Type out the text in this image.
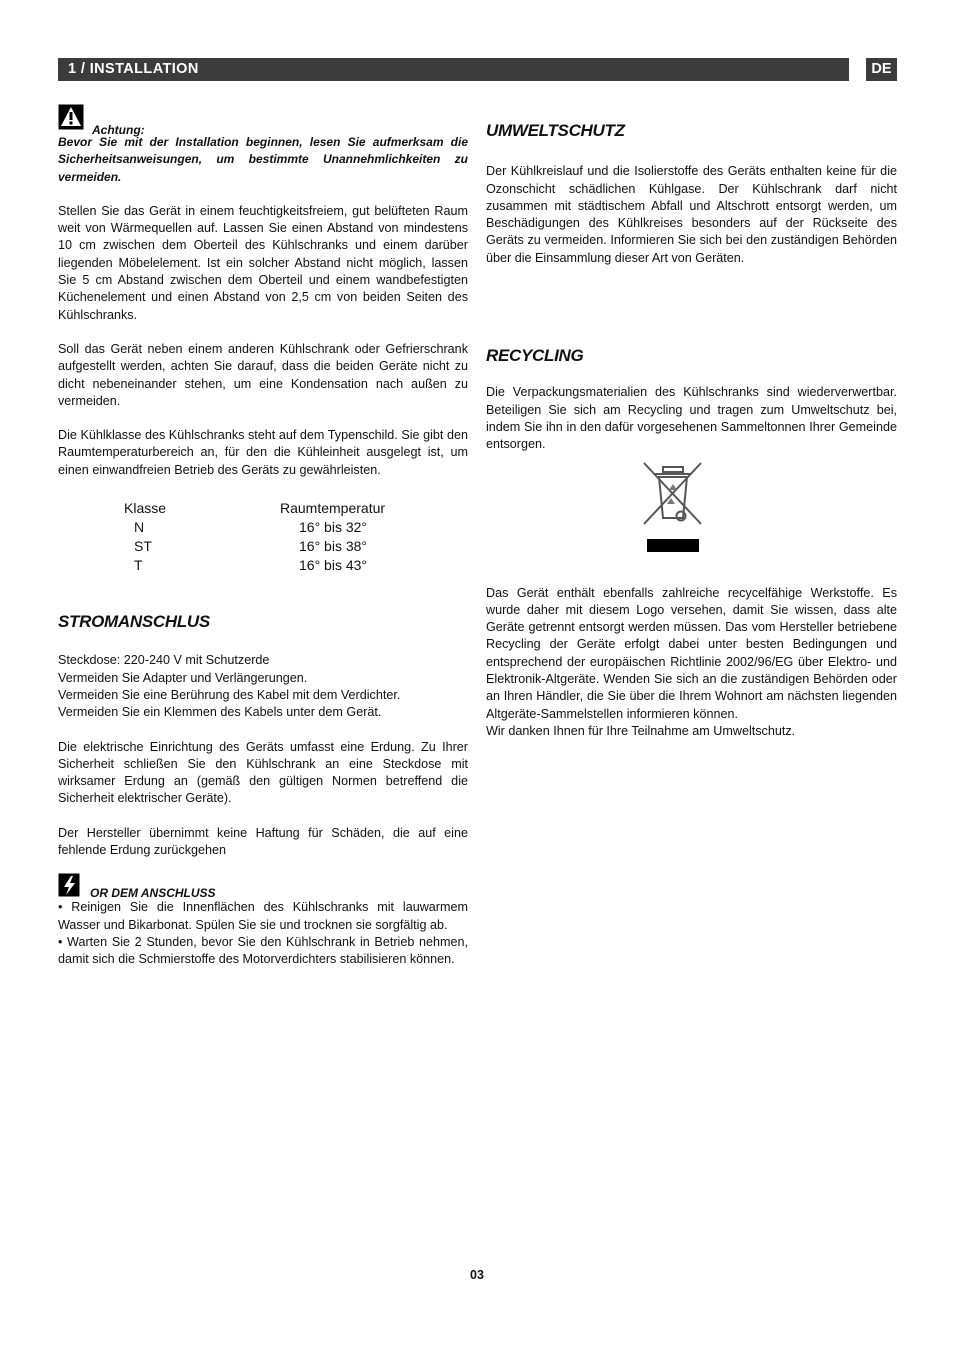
1 / INSTALLATION	DE
Achtung:

Bevor Sie mit der Installation beginnen, lesen Sie aufmerksam die Sicherheitsanweisungen, um bestimmte Unannehmlichkeiten zu vermeiden.

Stellen Sie das Gerät in einem feuchtigkeitsfreiem, gut belüfteten Raum weit von Wärmequellen auf. Lassen Sie einen Abstand von mindestens 10 cm zwischen dem Oberteil des Kühlschranks und einem darüber liegenden Möbelelement. Ist ein solcher Abstand nicht möglich, lassen Sie 5 cm Abstand zwischen dem Oberteil und einem wandbefestigten Küchenelement und einen Abstand von 2,5 cm von beiden Seiten des Kühlschranks.

Soll das Gerät neben einem anderen Kühlschrank oder Gefrierschrank aufgestellt werden, achten Sie darauf, dass die beiden Geräte nicht zu dicht nebeneinander stehen, um eine Kondensation nach außen zu vermeiden.

Die Kühlklasse des Kühlschranks steht auf dem Typenschild. Sie gibt den Raumtemperaturbereich an, für den die Kühleinheit ausgelegt ist, um einen einwandfreien Betrieb des Geräts zu gewährleisten.

Klasse	Raumtemperatur
N	16° bis 32°
ST	16° bis 38°
T	16° bis 43°
STROMANSCHLUS
Steckdose: 220-240 V mit Schutzerde
Vermeiden Sie Adapter und Verlängerungen.
Vermeiden Sie eine Berührung des Kabel mit dem Verdichter.
Vermeiden Sie ein Klemmen des Kabels unter dem Gerät.

Die elektrische Einrichtung des Geräts umfasst eine Erdung. Zu Ihrer Sicherheit schließen Sie den Kühlschrank an eine Steckdose mit wirksamer Erdung an (gemäß den gültigen Normen betreffend die Sicherheit elektrischer Geräte).

Der Hersteller übernimmt keine Haftung für Schäden, die auf eine fehlende Erdung zurückgehen

OR DEM ANSCHLUSS

• Reinigen Sie die Innenflächen des Kühlschranks mit lauwarmem Wasser und Bikarbonat. Spülen Sie sie und trocknen sie sorgfältig ab.

• Warten Sie 2 Stunden, bevor Sie den Kühlschrank in Betrieb nehmen, damit sich die Schmierstoffe des Motorverdichters stabilisieren können.

UMWELTSCHUTZ

Der Kühlkreislauf und die Isolierstoffe des Geräts enthalten keine für die Ozonschicht schädlichen Kühlgase. Der Kühlschrank darf nicht zusammen mit städtischem Abfall und Altschrott entsorgt werden, um Beschädigungen des Kühlkreises besonders auf der Rückseite des Geräts zu vermeiden. Informieren Sie sich bei den zuständigen Behörden über die Einsammlung dieser Art von Geräten.

RECYCLING

Die Verpackungsmaterialien des Kühlschranks sind wiederverwertbar. Beteiligen Sie sich am Recycling und tragen zum Umweltschutz bei, indem Sie ihn in den dafür vorgesehenen Sammeltonnen Ihrer Gemeinde entsorgen.

Das Gerät enthält ebenfalls zahlreiche recycelfähige Werkstoffe. Es wurde daher mit diesem Logo versehen, damit Sie wissen, dass alte Geräte getrennt entsorgt werden müssen. Das vom Hersteller betriebene Recycling der Geräte erfolgt dabei unter besten Bedingungen und entsprechend der europäischen Richtlinie 2002/96/EG über Elektro- und Elektronik-Altgeräte. Wenden Sie sich an die zuständigen Behörden oder an Ihren Händler, die Sie über die Ihrem Wohnort am nächsten liegenden Altgeräte-Sammelstellen informieren können.

Wir danken Ihnen für Ihre Teilnahme am Umweltschutz.

03
